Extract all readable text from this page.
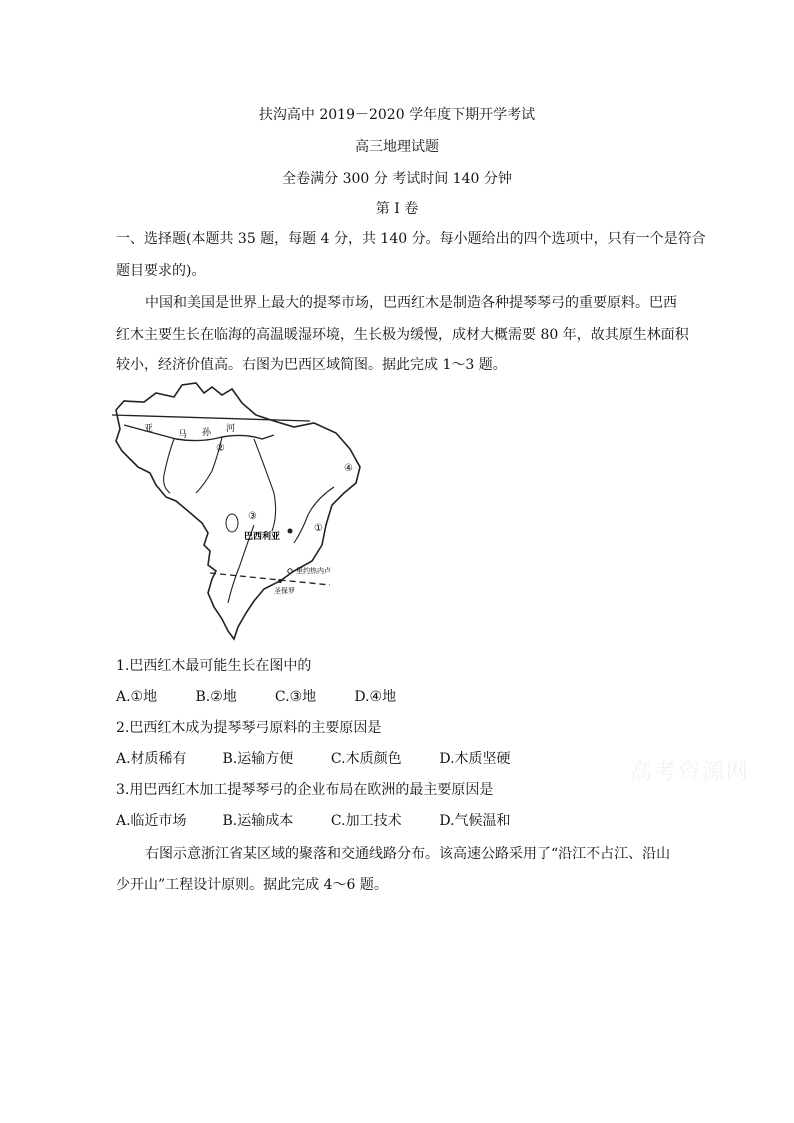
扶沟高中 2019－2020 学年度下期开学考试
高三地理试题
全卷满分 300 分 考试时间 140 分钟
第 I 卷
一、选择题(本题共 35 题，每题 4 分，共 140 分。每小题给出的四个选项中，只有一个是符合
题目要求的)。
中国和美国是世界上最大的提琴市场，巴西红木是制造各种提琴琴弓的重要原料。巴西
红木主要生长在临海的高温暖湿环境，生长极为缓慢，成材大概需要 80 年，故其原生林面积
较小，经济价值高。右图为巴西区域简图。据此完成 1～3 题。
亚
马 孙 河
②
④
③
①
巴西利亚
里约热内卢
圣保罗
1.巴西红木最可能生长在图中的
A.①地	B.②地	C.③地	D.④地
2.巴西红木成为提琴琴弓原料的主要原因是
A.材质稀有	B.运输方便	C.木质颜色	D.木质坚硬
3.用巴西红木加工提琴琴弓的企业布局在欧洲的最主要原因是
A.临近市场	B.运输成本	C.加工技术	D.气候温和
右图示意浙江省某区域的聚落和交通线路分布。该高速公路采用了“沿江不占江、沿山
少开山”工程设计原则。据此完成 4～6 题。
高考资源网
